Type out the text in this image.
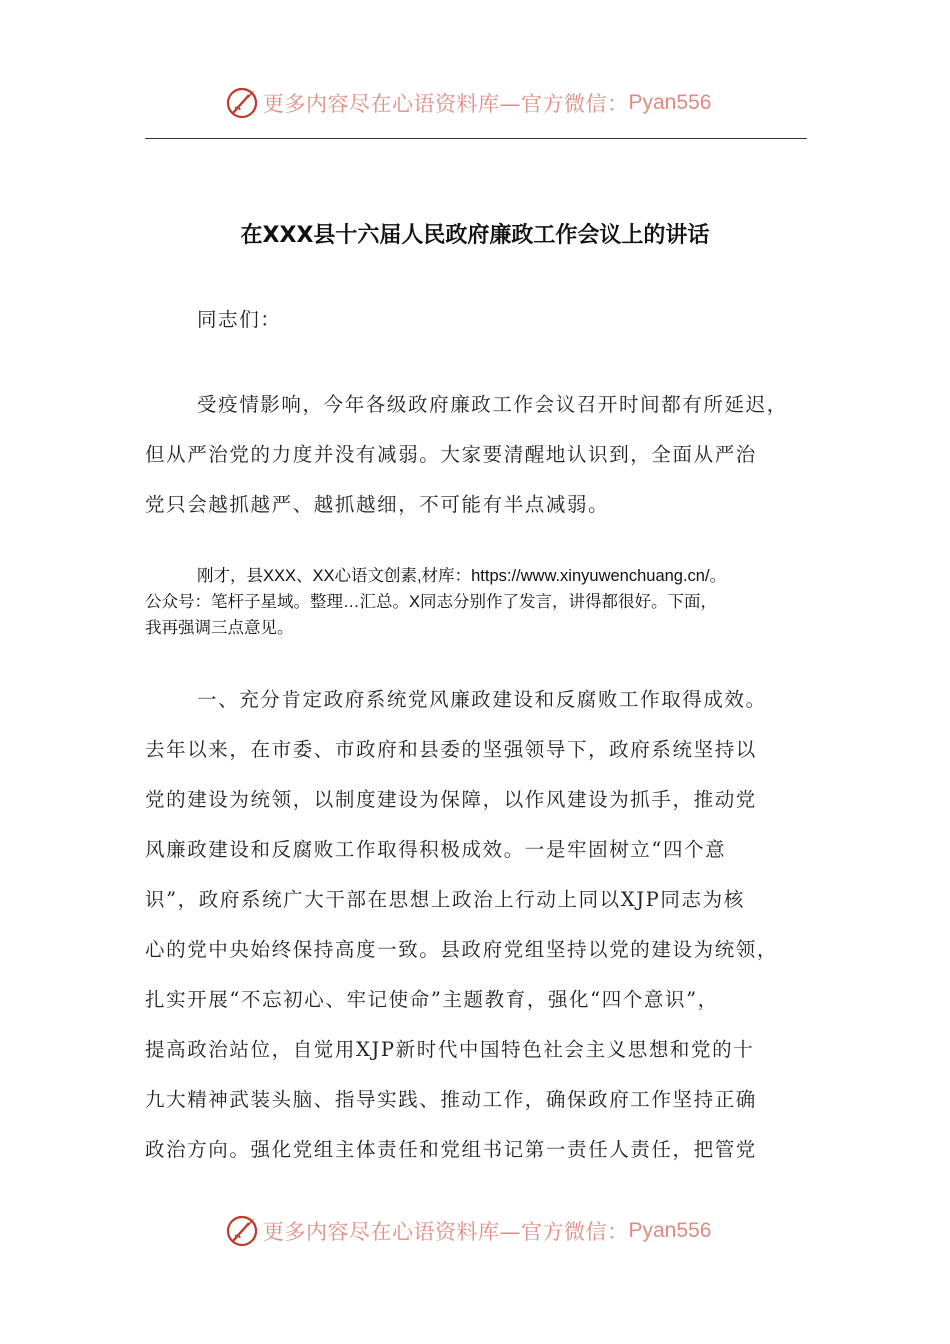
更多内容尽在心语资料库—官方微信： Pyan556
在XXX县十六届人民政府廉政工作会议上的讲话
同志们：
受疫情影响，今年各级政府廉政工作会议召开时间都有所延迟，
但从严治党的力度并没有减弱。大家要清醒地认识到，全面从严治
党只会越抓越严、越抓越细，不可能有半点减弱。
刚才，县XXX、XX心语文创素,材库：https://www.xinyuwenchuang.cn/。
公众号：笔杆子星域。整理…汇总。X同志分别作了发言，讲得都很好。下面，
我再强调三点意见。
一、充分肯定政府系统党风廉政建设和反腐败工作取得成效。
去年以来，在市委、市政府和县委的坚强领导下，政府系统坚持以
党的建设为统领，以制度建设为保障，以作风建设为抓手，推动党
风廉政建设和反腐败工作取得积极成效。一是牢固树立“四个意
识”，政府系统广大干部在思想上政治上行动上同以XJP同志为核
心的党中央始终保持高度一致。县政府党组坚持以党的建设为统领，
扎实开展“不忘初心、牢记使命”主题教育，强化“四个意识”，
提高政治站位，自觉用XJP新时代中国特色社会主义思想和党的十
九大精神武装头脑、指导实践、推动工作，确保政府工作坚持正确
政治方向。强化党组主体责任和党组书记第一责任人责任，把管党
更多内容尽在心语资料库—官方微信： Pyan556
